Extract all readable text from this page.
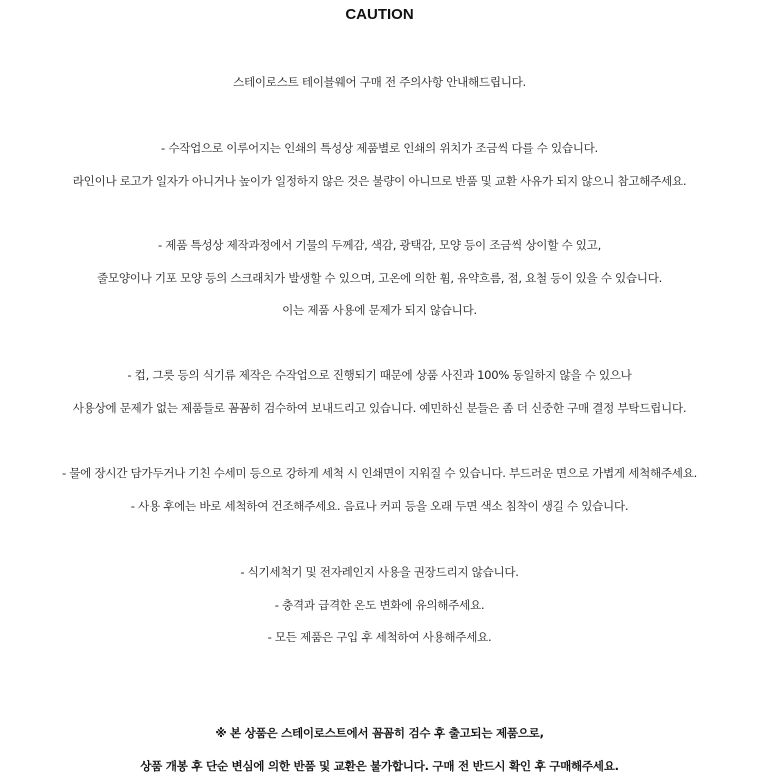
CAUTION
스테이로스트 테이블웨어 구매 전 주의사항 안내해드립니다.
- 수작업으로 이루어지는 인쇄의 특성상 제품별로 인쇄의 위치가 조금씩 다를 수 있습니다.
라인이나 로고가 일자가 아니거나 높이가 일정하지 않은 것은 불량이 아니므로 반품 및 교환 사유가 되지 않으니 참고해주세요.
- 제품 특성상 제작과정에서 기물의 두께감, 색감, 광택감, 모양 등이 조금씩 상이할 수 있고,
줄모양이나 기포 모양 등의 스크래치가 발생할 수 있으며, 고온에 의한 휨, 유약흐름, 점, 요철 등이 있을 수 있습니다.
이는 제품 사용에 문제가 되지 않습니다.
- 컵, 그릇 등의 식기류 제작은 수작업으로 진행되기 때문에 상품 사진과 100% 동일하지 않을 수 있으나
사용상에 문제가 없는 제품들로 꼼꼼히 검수하여 보내드리고 있습니다. 예민하신 분들은 좀 더 신중한 구매 결정 부탁드립니다.
- 물에 장시간 담가두거나 기친 수세미 등으로 강하게 세척 시 인쇄면이 지워질 수 있습니다. 부드러운 면으로 가볍게 세척해주세요.
- 사용 후에는 바로 세척하여 건조해주세요. 음료나 커피 등을 오래 두면 색소 침착이 생길 수 있습니다.
- 식기세척기 및 전자레인지 사용을 권장드리지 않습니다.
- 충격과 급격한 온도 변화에 유의해주세요.
- 모든 제품은 구입 후 세척하여 사용해주세요.
※ 본 상품은 스테이로스트에서 꼼꼼히 검수 후 출고되는 제품으로,
상품 개봉 후 단순 변심에 의한 반품 및 교환은 불가합니다. 구매 전 반드시 확인 후 구매해주세요.
